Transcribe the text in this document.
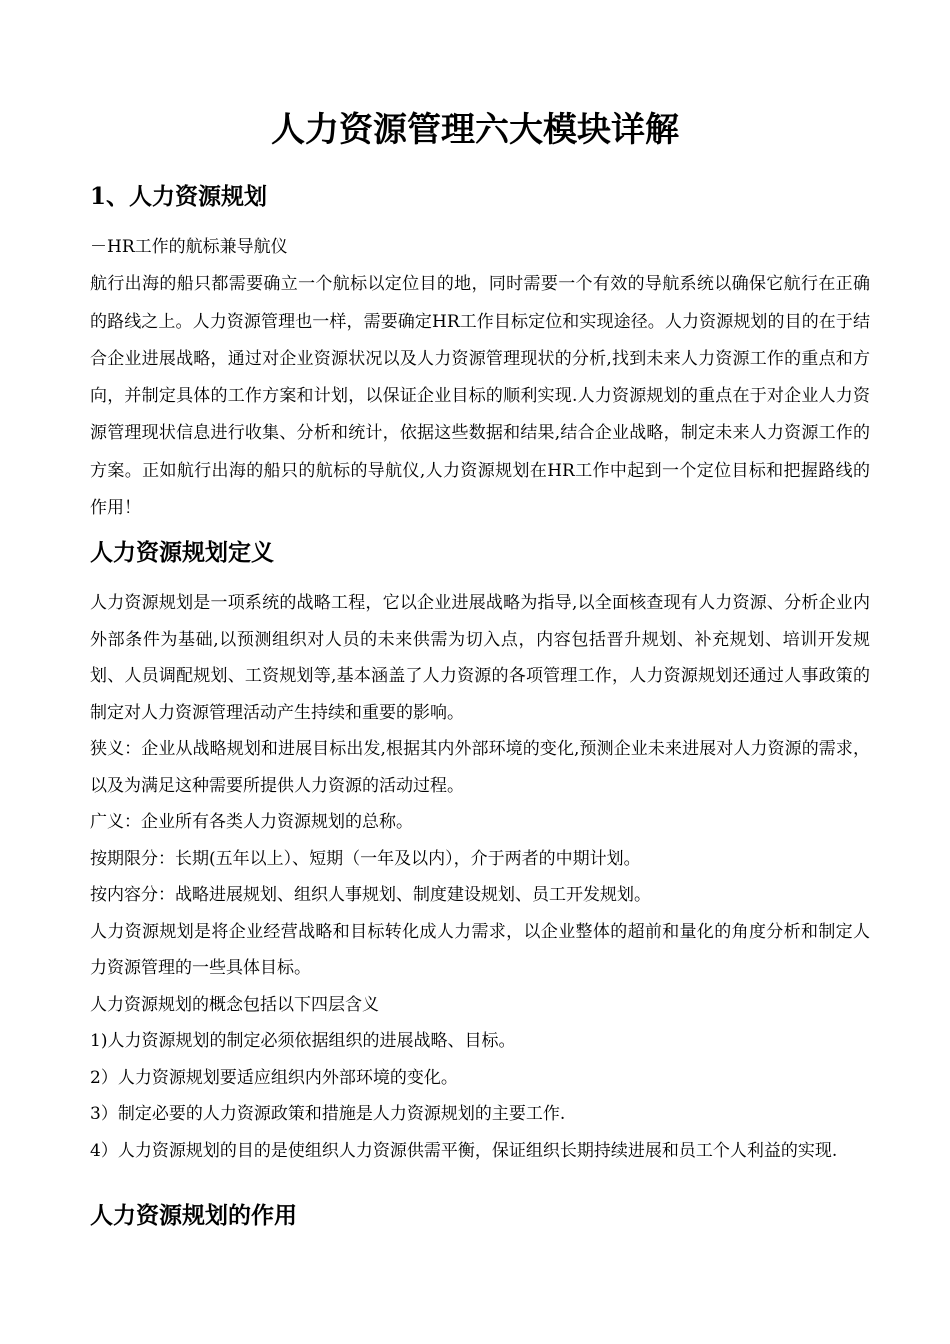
人力资源管理六大模块详解
1、人力资源规划

－HR工作的航标兼导航仪

航行出海的船只都需要确立一个航标以定位目的地，同时需要一个有效的导航系统以确保它航行在正确的路线之上。人力资源管理也一样，需要确定HR工作目标定位和实现途径。人力资源规划的目的在于结合企业进展战略，通过对企业资源状况以及人力资源管理现状的分析,找到未来人力资源工作的重点和方向，并制定具体的工作方案和计划，以保证企业目标的顺利实现.人力资源规划的重点在于对企业人力资源管理现状信息进行收集、分析和统计，依据这些数据和结果,结合企业战略，制定未来人力资源工作的方案。正如航行出海的船只的航标的导航仪,人力资源规划在HR工作中起到一个定位目标和把握路线的作用！

人力资源规划定义

人力资源规划是一项系统的战略工程，它以企业进展战略为指导,以全面核查现有人力资源、分析企业内外部条件为基础,以预测组织对人员的未来供需为切入点，内容包括晋升规划、补充规划、培训开发规划、人员调配规划、工资规划等,基本涵盖了人力资源的各项管理工作，人力资源规划还通过人事政策的制定对人力资源管理活动产生持续和重要的影响。

狭义：企业从战略规划和进展目标出发,根据其内外部环境的变化,预测企业未来进展对人力资源的需求，以及为满足这种需要所提供人力资源的活动过程。

广义：企业所有各类人力资源规划的总称。

按期限分：长期(五年以上）、短期（一年及以内），介于两者的中期计划。

按内容分：战略进展规划、组织人事规划、制度建设规划、员工开发规划。

人力资源规划是将企业经营战略和目标转化成人力需求，以企业整体的超前和量化的角度分析和制定人力资源管理的一些具体目标。

人力资源规划的概念包括以下四层含义

1)人力资源规划的制定必须依据组织的进展战略、目标。

2）人力资源规划要适应组织内外部环境的变化。

3）制定必要的人力资源政策和措施是人力资源规划的主要工作.

4）人力资源规划的目的是使组织人力资源供需平衡，保证组织长期持续进展和员工个人利益的实现.

人力资源规划的作用
